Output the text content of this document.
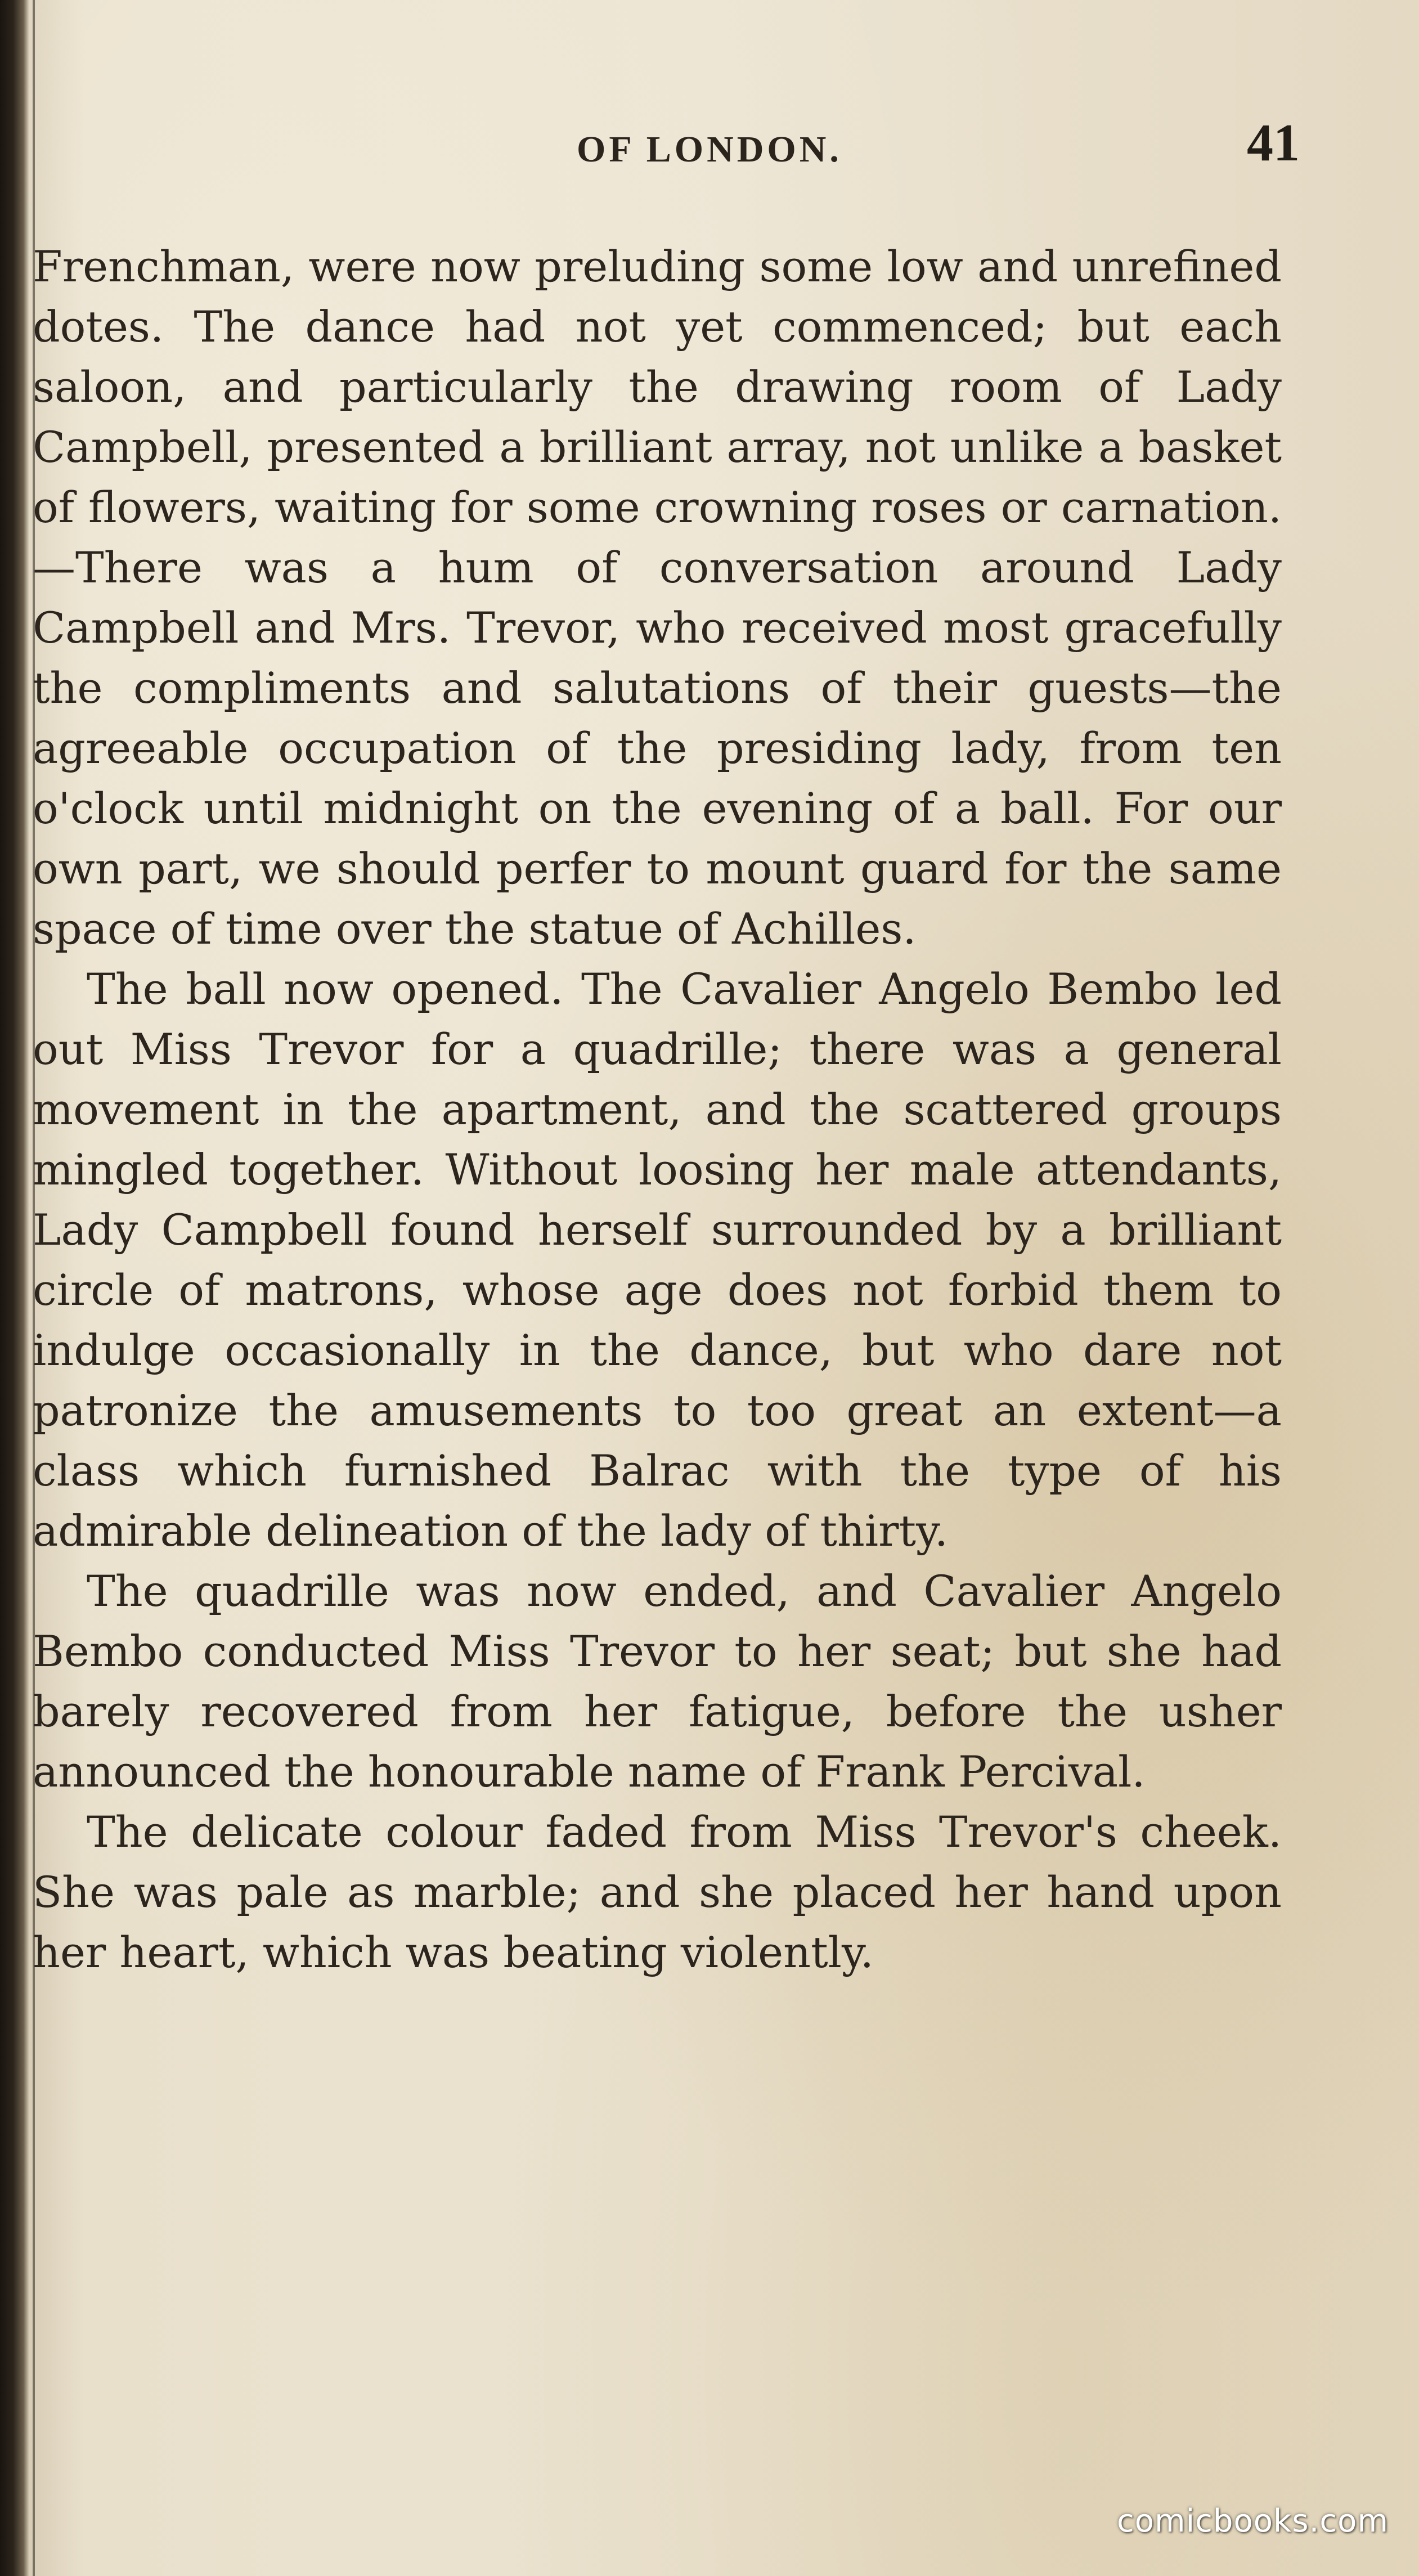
OF LONDON.	41

Frenchman, were now preluding some low and unrefined dotes. The dance had not yet commenced; but each saloon, and particularly the drawing room of Lady Campbell, presented a brilliant array, not unlike a basket of flowers, waiting for some crowning roses or carnation.—There was a hum of conversation around Lady Campbell and Mrs. Trevor, who received most gracefully the compliments and salutations of their guests—the agreeable occupation of the presiding lady, from ten o'clock until midnight on the evening of a ball. For our own part, we should perfer to mount guard for the same space of time over the statue of Achilles.

The ball now opened. The Cavalier Angelo Bembo led out Miss Trevor for a quadrille; there was a general movement in the apartment, and the scattered groups mingled together. Without loosing her male attendants, Lady Campbell found herself surrounded by a brilliant circle of matrons, whose age does not forbid them to indulge occasionally in the dance, but who dare not patronize the amusements to too great an extent—a class which furnished Balrac with the type of his admirable delineation of the lady of thirty.

The quadrille was now ended, and Cavalier Angelo Bembo conducted Miss Trevor to her seat; but she had barely recovered from her fatigue, before the usher announced the honourable name of Frank Percival.

The delicate colour faded from Miss Trevor's cheek. She was pale as marble; and she placed her hand upon her heart, which was beating violently.

comicbooks.com
